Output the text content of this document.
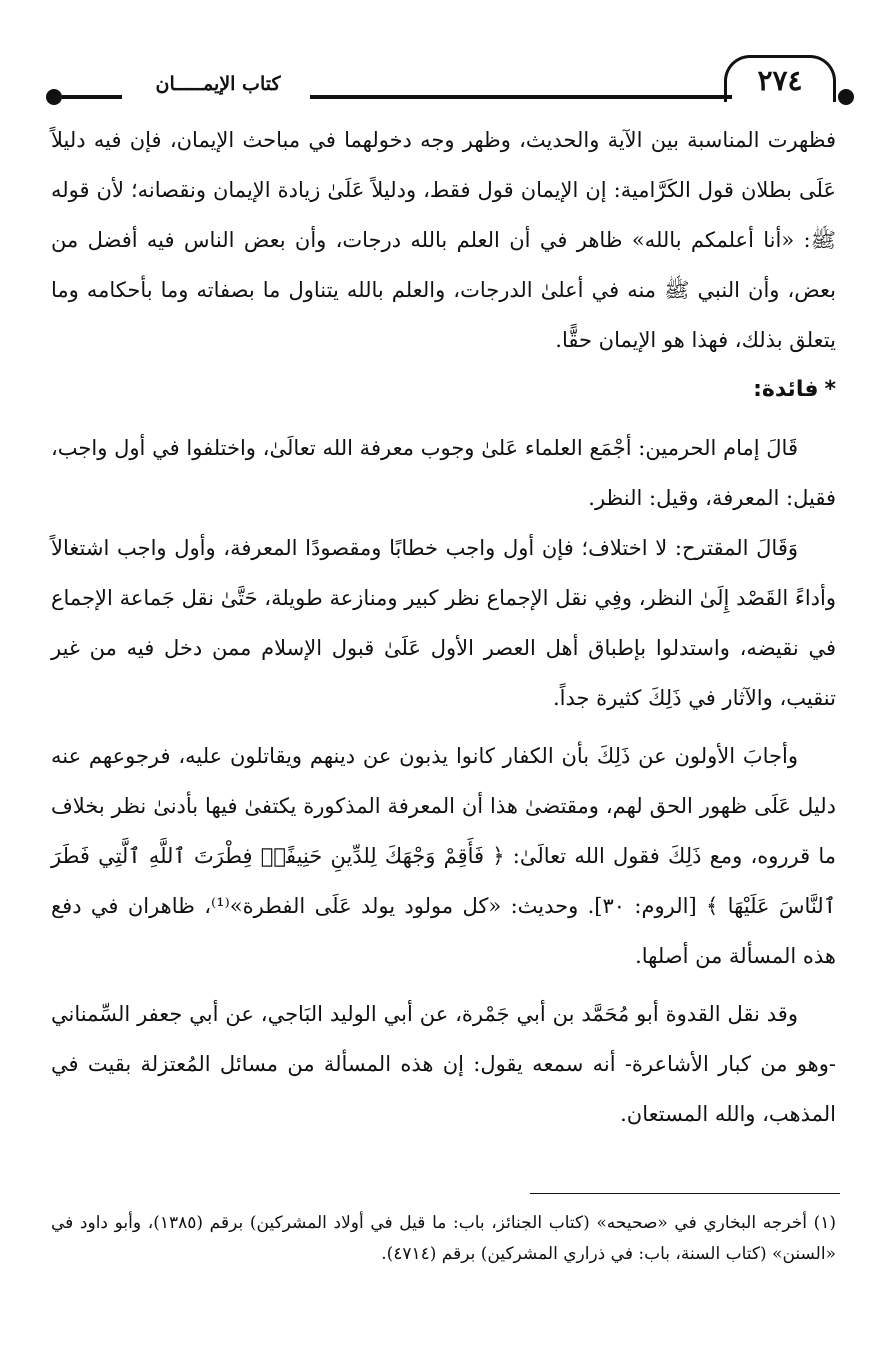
٢٧٤
كتاب الإيمـــــان

فظهرت المناسبة بين الآية والحديث، وظهر وجه دخولهما في مباحث الإيمان، فإن فيه دليلاً عَلَى بطلان قول الكَرَّامية: إن الإيمان قول فقط، ودليلاً عَلَىٰ زيادة الإيمان ونقصانه؛ لأن قوله ﷺ: «أنا أعلمكم بالله» ظاهر في أن العلم بالله درجات، وأن بعض الناس فيه أفضل من بعض، وأن النبي ﷺ منه في أعلىٰ الدرجات، والعلم بالله يتناول ما بصفاته وما بأحكامه وما يتعلق بذلك، فهذا هو الإيمان حقًّا.

*فائدة:

قَالَ إمام الحرمين: أجْمَع العلماء عَلىٰ وجوب معرفة الله تعالَىٰ، واختلفوا في أول واجب، فقيل: المعرفة، وقيل: النظر.

وَقَالَ المقترح: لا اختلاف؛ فإن أول واجب خطابًا ومقصودًا المعرفة، وأول واجب اشتغالاً وأداءً القَصْد إِلَىٰ النظر، وفِي نقل الإجماع نظر كبير ومنازعة طويلة، حَتَّىٰ نقل جَماعة الإجماع في نقيضه، واستدلوا بإطباق أهل العصر الأول عَلَىٰ قبول الإسلام ممن دخل فيه من غير تنقيب، والآثار في ذَلِكَ كثيرة جداً.

وأجابَ الأولون عن ذَلِكَ بأن الكفار كانوا يذبون عن دينهم ويقاتلون عليه، فرجوعهم عنه دليل عَلَى ظهور الحق لهم، ومقتضىٰ هذا أن المعرفة المذكورة يكتفىٰ فيها بأدنىٰ نظر بخلاف ما قرروه، ومع ذَلِكَ فقول الله تعالَىٰ: ﴿ فَأَقِمْ وَجْهَكَ لِلدِّينِ حَنِيفًاۚ فِطْرَتَ ٱللَّهِ ٱلَّتِي فَطَرَ ٱلنَّاسَ عَلَيْهَا ﴾ [الروم: ٣٠]. وحديث: «كل مولود يولد عَلَى الفطرة»⁽¹⁾، ظاهران في دفع هذه المسألة من أصلها.

وقد نقل القدوة أبو مُحَمَّد بن أبي جَمْرة، عن أبي الوليد البَاجي، عن أبي جعفر السِّمناني -وهو من كبار الأشاعرة- أنه سمعه يقول: إن هذه المسألة من مسائل المُعتزلة بقيت في المذهب، والله المستعان.

(١) أخرجه البخاري في «صحيحه» (كتاب الجنائز، باب: ما قيل في أولاد المشركين) برقم (١٣٨٥)، وأبو داود في «السنن» (كتاب السنة، باب: في ذراري المشركين) برقم (٤٧١٤).
